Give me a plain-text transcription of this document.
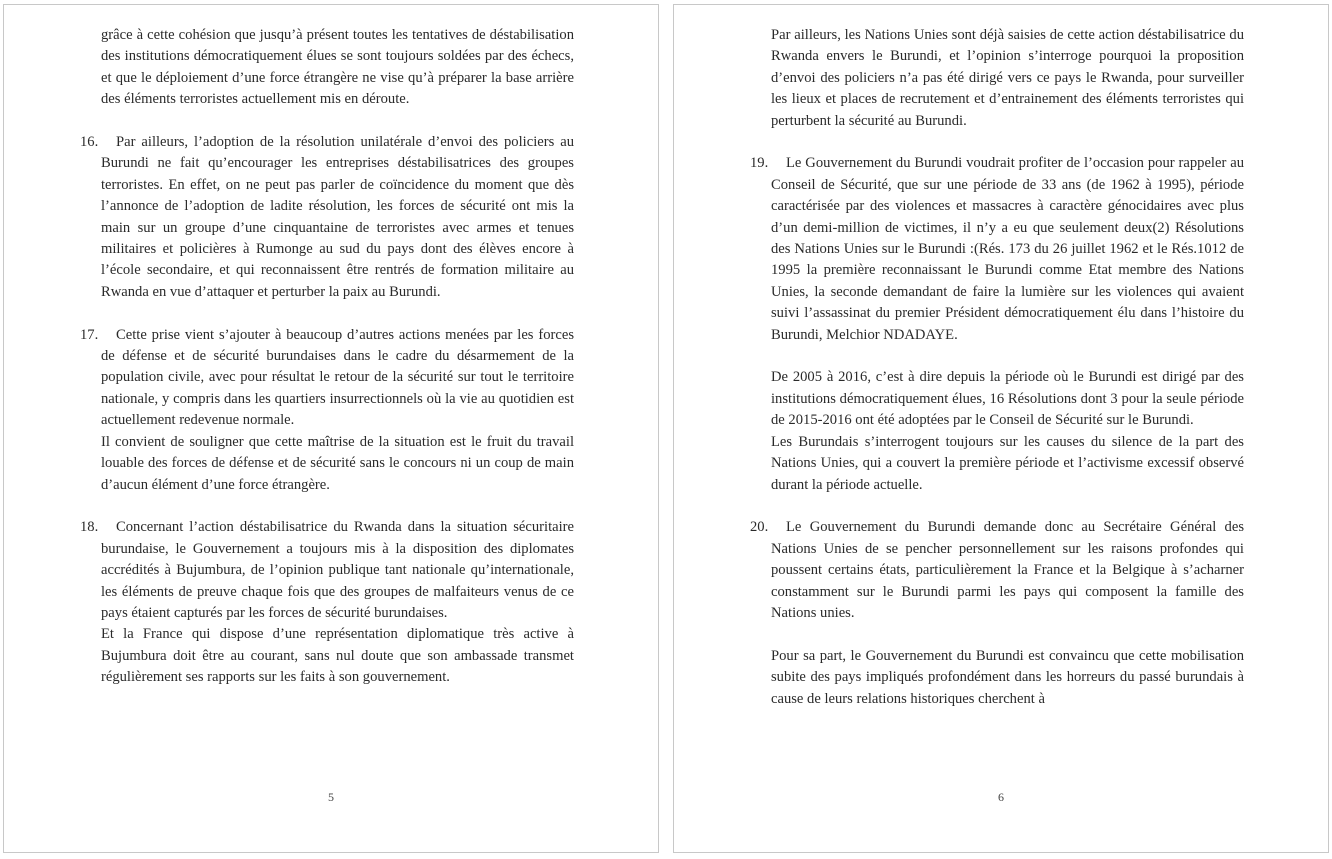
grâce à cette cohésion que jusqu’à présent toutes les tentatives de déstabilisation des institutions démocratiquement élues se sont toujours soldées par des échecs, et que le déploiement d’une force étrangère ne vise qu’à préparer la base arrière des éléments terroristes actuellement mis en déroute.

16. Par ailleurs, l’adoption de la résolution unilatérale d’envoi des policiers au Burundi ne fait qu’encourager les entreprises déstabilisatrices des groupes terroristes. En effet, on ne peut pas parler de coïncidence du moment que dès l’annonce de l’adoption de ladite résolution, les forces de sécurité ont mis la main sur un groupe d’une cinquantaine de terroristes avec armes et tenues militaires et policières à Rumonge au sud du pays dont des élèves encore à l’école secondaire, et qui reconnaissent être rentrés de formation militaire au Rwanda en vue d’attaquer et perturber la paix au Burundi.

17. Cette prise vient s’ajouter à beaucoup d’autres actions menées par les forces de défense et de sécurité burundaises dans le cadre du désarmement de la population civile, avec pour résultat le retour de la sécurité sur tout le territoire nationale, y compris dans les quartiers insurrectionnels où la vie au quotidien est actuellement redevenue normale.

Il convient de souligner que cette maîtrise de la situation est le fruit du travail louable des forces de défense et de sécurité sans le concours ni un coup de main d’aucun élément d’une force étrangère.

18. Concernant l’action déstabilisatrice du Rwanda dans la situation sécuritaire burundaise, le Gouvernement a toujours mis à la disposition des diplomates accrédités à Bujumbura, de l’opinion publique tant nationale qu’internationale, les éléments de preuve chaque fois que des groupes de malfaiteurs venus de ce pays étaient capturés par les forces de sécurité burundaises.

Et la France qui dispose d’une représentation diplomatique très active à Bujumbura doit être au courant, sans nul doute que son ambassade transmet régulièrement ses rapports sur les faits à son gouvernement.

5

Par ailleurs, les Nations Unies sont déjà saisies de cette action déstabilisatrice du Rwanda envers le Burundi, et l’opinion s’interroge pourquoi la proposition d’envoi des policiers n’a pas été dirigé vers ce pays le Rwanda, pour surveiller les lieux et places de recrutement et d’entrainement des éléments terroristes qui perturbent la sécurité au Burundi.

19. Le Gouvernement du Burundi voudrait profiter de l’occasion pour rappeler au Conseil de Sécurité, que sur une période de 33 ans (de 1962 à 1995), période caractérisée par des violences et massacres à caractère génocidaires avec plus d’un demi-million de victimes, il n’y a eu que seulement deux(2) Résolutions des Nations Unies sur le Burundi :(Rés. 173 du 26 juillet 1962 et le Rés.1012 de 1995 la première reconnaissant le Burundi comme Etat membre des Nations Unies, la seconde demandant de faire la lumière sur les violences qui avaient suivi l’assassinat du premier Président démocratiquement élu dans l’histoire du Burundi, Melchior NDADAYE.

De 2005 à 2016, c’est à dire depuis la période où le Burundi est dirigé par des institutions démocratiquement élues, 16 Résolutions dont 3 pour la seule période de 2015-2016 ont été adoptées par le Conseil de Sécurité sur le Burundi.

Les Burundais s’interrogent toujours sur les causes du silence de la part des Nations Unies, qui a couvert la première période et l’activisme excessif observé durant la période actuelle.

20. Le Gouvernement du Burundi demande donc au Secrétaire Général des Nations Unies de se pencher personnellement sur les raisons profondes qui poussent certains états, particulièrement la France et la Belgique à s’acharner constamment sur le Burundi parmi les pays qui composent la famille des Nations unies.

Pour sa part, le Gouvernement du Burundi est convaincu que cette mobilisation subite des pays impliqués profondément dans les horreurs du passé burundais à cause de leurs relations historiques cherchent à

6
